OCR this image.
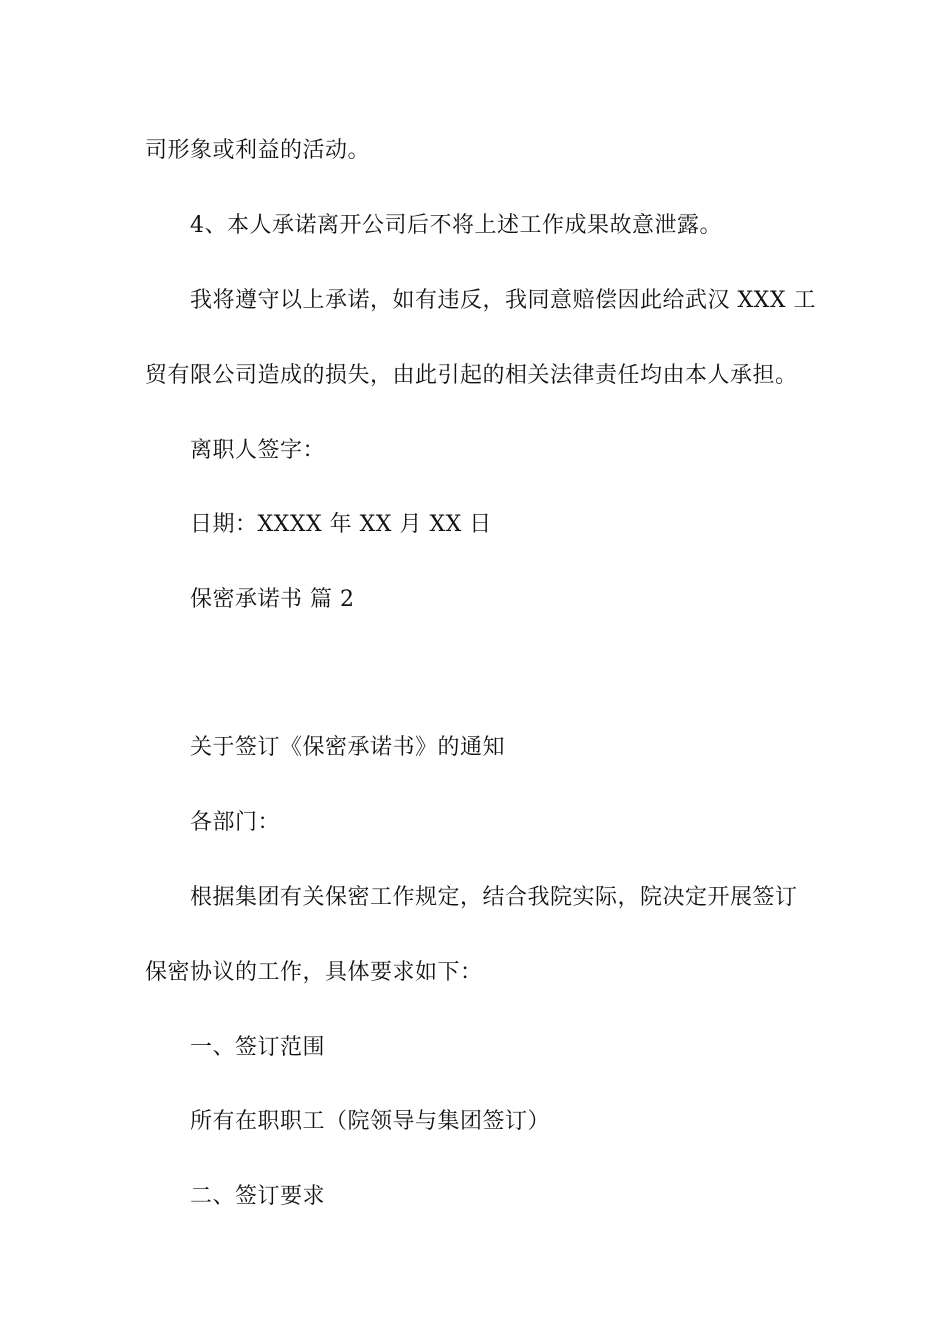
司形象或利益的活动。
4、本人承诺离开公司后不将上述工作成果故意泄露。
我将遵守以上承诺，如有违反，我同意赔偿因此给武汉 XXX 工
贸有限公司造成的损失，由此引起的相关法律责任均由本人承担。
离职人签字：
日期：XXXX 年 XX 月 XX 日
保密承诺书 篇 2
关于签订《保密承诺书》的通知
各部门：
根据集团有关保密工作规定，结合我院实际，院决定开展签订
保密协议的工作，具体要求如下：
一、签订范围
所有在职职工（院领导与集团签订）
二、签订要求
